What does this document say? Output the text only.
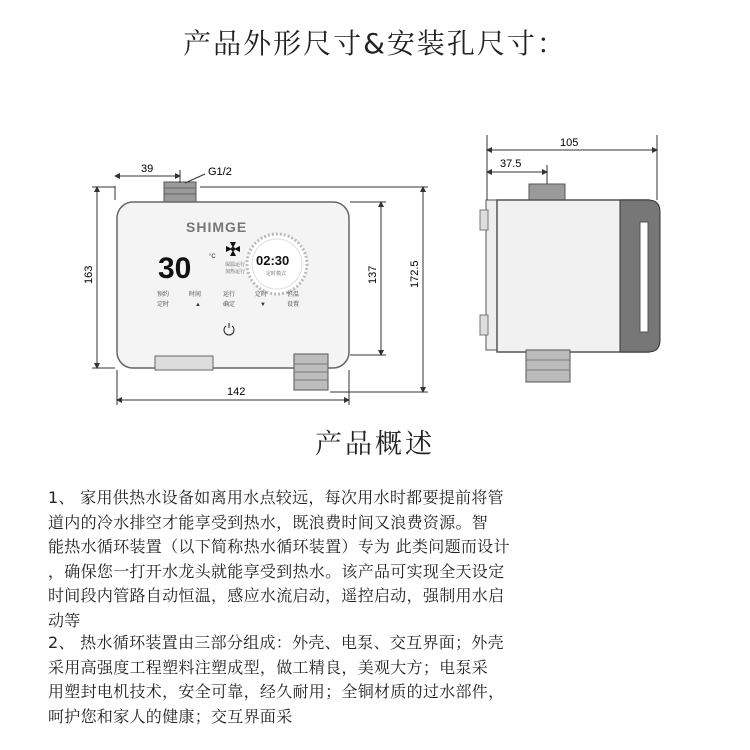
产品外形尺寸&安装孔尺寸：
SHIMGE
30	°C
保温运行
加热运行
02:30
定时模式
预约	时间	运行	定时	恒温
定时	▲	确定	▼	设置
39	G1/2
163	137	172.5
142
105
37.5
产品概述
1、 家用供热水设备如离用水点较远，每次用水时都要提前将管
道内的冷水排空才能享受到热水，既浪费时间又浪费资源。智
能热水循环装置（以下简称热水循环装置）专为 此类问题而设计
，确保您一打开水龙头就能享受到热水。该产品可实现全天设定
时间段内管路自动恒温，感应水流启动，遥控启动，强制用水启
动等
2、 热水循环装置由三部分组成：外壳、电泵、交互界面；外壳
采用高强度工程塑料注塑成型，做工精良，美观大方；电泵采
用塑封电机技术，安全可靠，经久耐用；全铜材质的过水部件，
呵护您和家人的健康；交互界面采
